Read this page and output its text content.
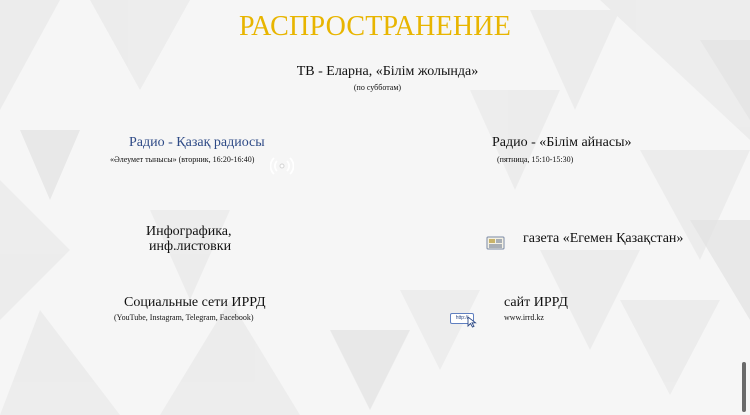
РАСПРОСТРАНЕНИЕ
ТВ - Еларна, «Білім жолында»
(по субботам)
Радио - Қазақ радиосы
«Әлеумет тынысы» (вторник, 16:20-16:40)
Радио - «Білім айнасы»
(пятница, 15:10-15:30)
Инфографика,
инф.листовки
газета «Егемен Қазақстан»
Социальные сети ИРРД
(YouTube, Instagram, Telegram, Facebook)	http://
сайт ИРРД
www.irrd.kz
